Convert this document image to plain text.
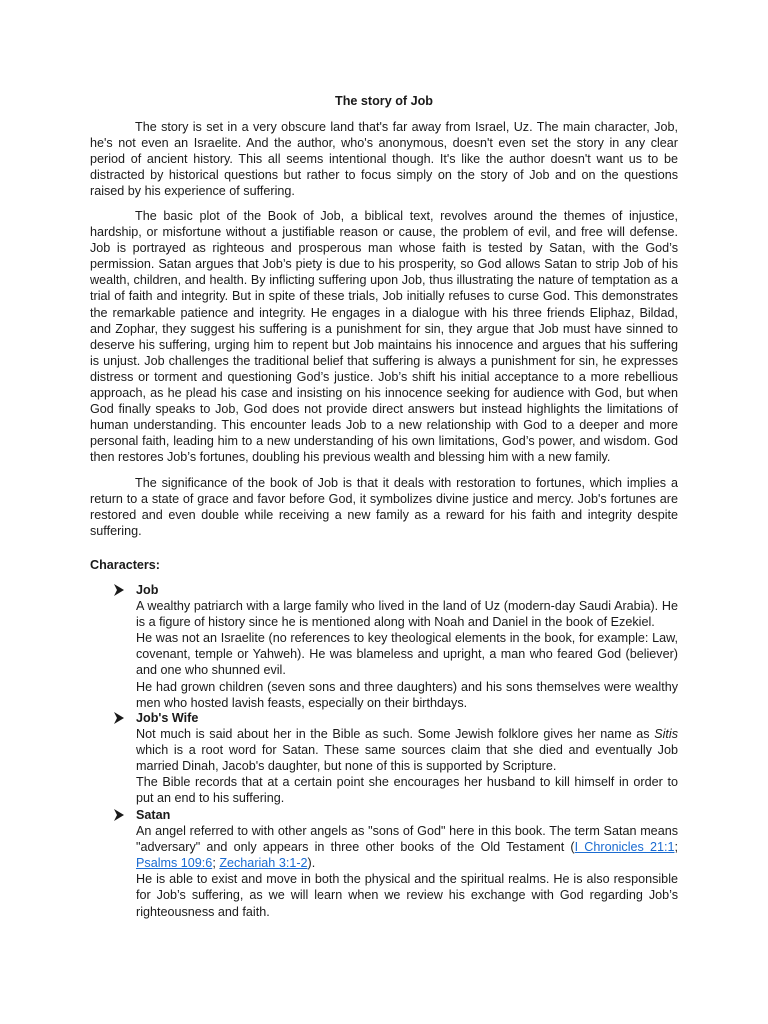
The story of Job

The story is set in a very obscure land that's far away from Israel, Uz. The main character, Job, he's not even an Israelite. And the author, who's anonymous, doesn't even set the story in any clear period of ancient history. This all seems intentional though. It's like the author doesn't want us to be distracted by historical questions but rather to focus simply on the story of Job and on the questions raised by his experience of suffering.

The basic plot of the Book of Job, a biblical text, revolves around the themes of injustice, hardship, or misfortune without a justifiable reason or cause, the problem of evil, and free will defense. Job is portrayed as righteous and prosperous man whose faith is tested by Satan, with the God’s permission. Satan argues that Job’s piety is due to his prosperity, so God allows Satan to strip Job of his wealth, children, and health. By inflicting suffering upon Job, thus illustrating the nature of temptation as a trial of faith and integrity. But in spite of these trials, Job initially refuses to curse God. This demonstrates the remarkable patience and integrity. He engages in a dialogue with his three friends Eliphaz, Bildad, and Zophar, they suggest his suffering is a punishment for sin, they argue that Job must have sinned to deserve his suffering, urging him to repent but Job maintains his innocence and argues that his suffering is unjust. Job challenges the traditional belief that suffering is always a punishment for sin, he expresses distress or torment and questioning God’s justice. Job’s shift his initial acceptance to a more rebellious approach, as he plead his case and insisting on his innocence seeking for audience with God, but when God finally speaks to Job, God does not provide direct answers but instead highlights the limitations of human understanding. This encounter leads Job to a new relationship with God to a deeper and more personal faith, leading him to a new understanding of his own limitations, God’s power, and wisdom. God then restores Job’s fortunes, doubling his previous wealth and blessing him with a new family.

The significance of the book of Job is that it deals with restoration to fortunes, which implies a return to a state of grace and favor before God, it symbolizes divine justice and mercy. Job's fortunes are restored and even double while receiving a new family as a reward for his faith and integrity despite suffering.

Characters:

Job
A wealthy patriarch with a large family who lived in the land of Uz (modern-day Saudi Arabia). He is a figure of history since he is mentioned along with Noah and Daniel in the book of Ezekiel.
He was not an Israelite (no references to key theological elements in the book, for example: Law, covenant, temple or Yahweh). He was blameless and upright, a man who feared God (believer) and one who shunned evil.
He had grown children (seven sons and three daughters) and his sons themselves were wealthy men who hosted lavish feasts, especially on their birthdays.
Job's Wife
Not much is said about her in the Bible as such. Some Jewish folklore gives her name as Sitis which is a root word for Satan. These same sources claim that she died and eventually Job married Dinah, Jacob's daughter, but none of this is supported by Scripture.
The Bible records that at a certain point she encourages her husband to kill himself in order to put an end to his suffering.
Satan
An angel referred to with other angels as "sons of God" here in this book. The term Satan means "adversary" and only appears in three other books of the Old Testament (I Chronicles 21:1; Psalms 109:6; Zechariah 3:1-2).
He is able to exist and move in both the physical and the spiritual realms. He is also responsible for Job’s suffering, as we will learn when we review his exchange with God regarding Job’s righteousness and faith.
